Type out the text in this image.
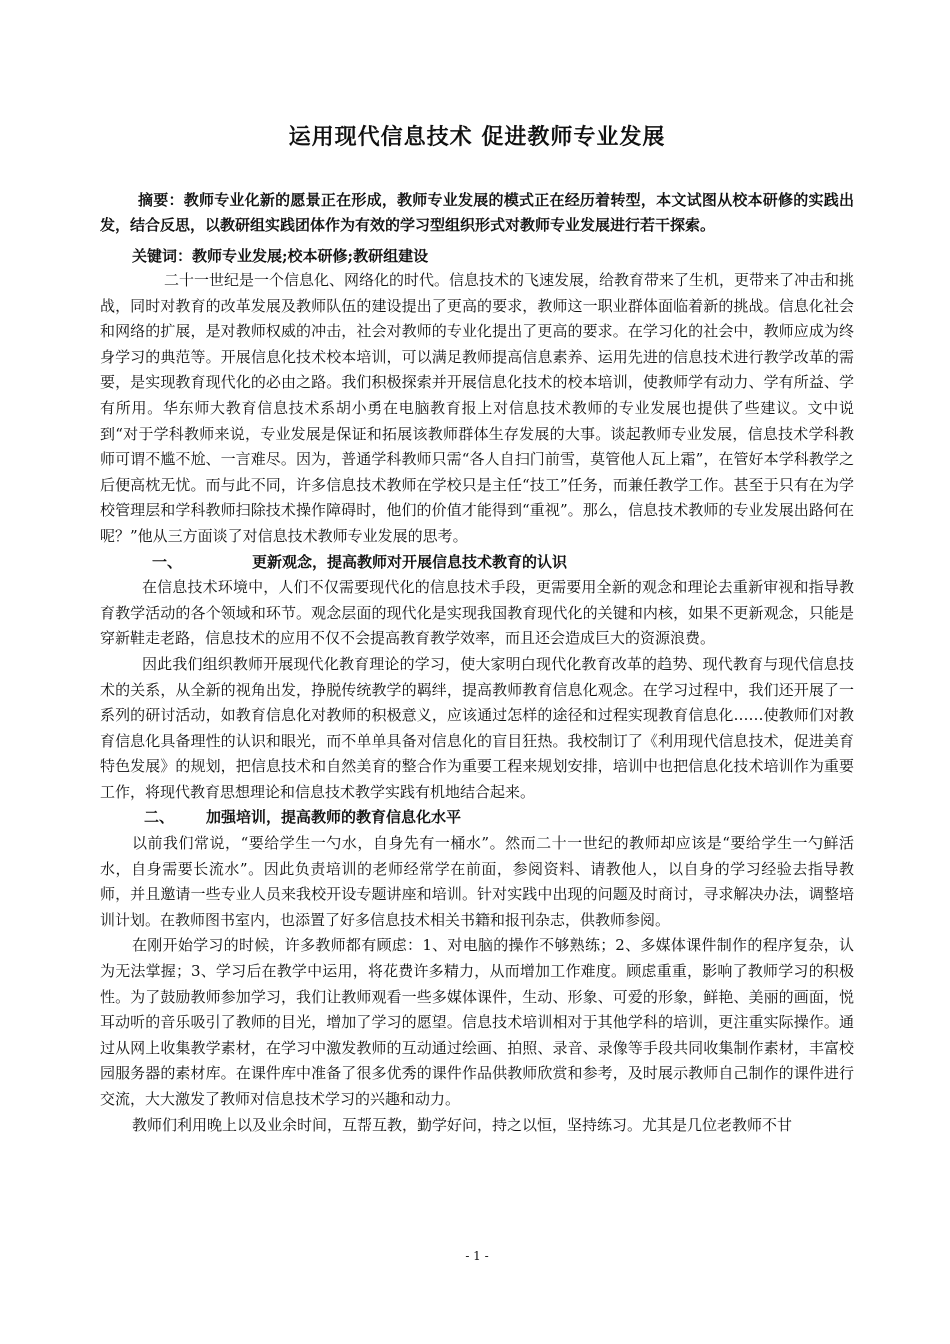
运用现代信息技术 促进教师专业发展

摘要：教师专业化新的愿景正在形成，教师专业发展的模式正在经历着转型，本文试图从校本研修的实践出发，结合反思，以教研组实践团体作为有效的学习型组织形式对教师专业发展进行若干探索。

关键词：教师专业发展;校本研修;教研组建设

二十一世纪是一个信息化、网络化的时代。信息技术的飞速发展，给教育带来了生机，更带来了冲击和挑战，同时对教育的改革发展及教师队伍的建设提出了更高的要求，教师这一职业群体面临着新的挑战。信息化社会和网络的扩展，是对教师权威的冲击，社会对教师的专业化提出了更高的要求。在学习化的社会中，教师应成为终身学习的典范等。开展信息化技术校本培训，可以满足教师提高信息素养、运用先进的信息技术进行教学改革的需要，是实现教育现代化的必由之路。我们积极探索并开展信息化技术的校本培训，使教师学有动力、学有所益、学有所用。华东师大教育信息技术系胡小勇在电脑教育报上对信息技术教师的专业发展也提供了些建议。文中说到“对于学科教师来说，专业发展是保证和拓展该教师群体生存发展的大事。谈起教师专业发展，信息技术学科教师可谓不尴不尬、一言难尽。因为，普通学科教师只需“各人自扫门前雪，莫管他人瓦上霜”，在管好本学科教学之后便高枕无忧。而与此不同，许多信息技术教师在学校只是主任“技工”任务，而兼任教学工作。甚至于只有在为学校管理层和学科教师扫除技术操作障碍时，他们的价值才能得到“重视”。那么，信息技术教师的专业发展出路何在呢？”他从三方面谈了对信息技术教师专业发展的思考。

一、	更新观念，提高教师对开展信息技术教育的认识

在信息技术环境中，人们不仅需要现代化的信息技术手段，更需要用全新的观念和理论去重新审视和指导教育教学活动的各个领域和环节。观念层面的现代化是实现我国教育现代化的关键和内核，如果不更新观念，只能是穿新鞋走老路，信息技术的应用不仅不会提高教育教学效率，而且还会造成巨大的资源浪费。

因此我们组织教师开展现代化教育理论的学习，使大家明白现代化教育改革的趋势、现代教育与现代信息技术的关系，从全新的视角出发，挣脱传统教学的羁绊，提高教师教育信息化观念。在学习过程中，我们还开展了一系列的研讨活动，如教育信息化对教师的积极意义，应该通过怎样的途径和过程实现教育信息化……使教师们对教育信息化具备理性的认识和眼光，而不单单具备对信息化的盲目狂热。我校制订了《利用现代信息技术，促进美育特色发展》的规划，把信息技术和自然美育的整合作为重要工程来规划安排，培训中也把信息化技术培训作为重要工作，将现代教育思想理论和信息技术教学实践有机地结合起来。

二、 加强培训，提高教师的教育信息化水平

以前我们常说，“要给学生一勺水，自身先有一桶水”。然而二十一世纪的教师却应该是“要给学生一勺鲜活水，自身需要长流水”。因此负责培训的老师经常学在前面，参阅资料、请教他人，以自身的学习经验去指导教师，并且邀请一些专业人员来我校开设专题讲座和培训。针对实践中出现的问题及时商讨，寻求解决办法，调整培训计划。在教师图书室内，也添置了好多信息技术相关书籍和报刊杂志，供教师参阅。

在刚开始学习的时候，许多教师都有顾虑：1、对电脑的操作不够熟练；2、多媒体课件制作的程序复杂，认为无法掌握；3、学习后在教学中运用，将花费许多精力，从而增加工作难度。顾虑重重，影响了教师学习的积极性。为了鼓励教师参加学习，我们让教师观看一些多媒体课件，生动、形象、可爱的形象，鲜艳、美丽的画面，悦耳动听的音乐吸引了教师的目光，增加了学习的愿望。信息技术培训相对于其他学科的培训，更注重实际操作。通过从网上收集教学素材，在学习中激发教师的互动通过绘画、拍照、录音、录像等手段共同收集制作素材，丰富校园服务器的素材库。在课件库中准备了很多优秀的课件作品供教师欣赏和参考，及时展示教师自己制作的课件进行交流，大大激发了教师对信息技术学习的兴趣和动力。

教师们利用晚上以及业余时间，互帮互教，勤学好问，持之以恒，坚持练习。尤其是几位老教师不甘

- 1 -
